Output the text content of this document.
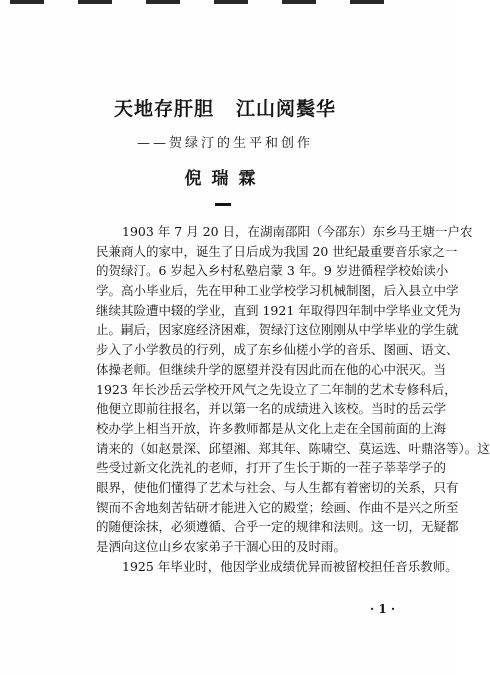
天地存肝胆 江山阅鬓华
——贺绿汀的生平和创作
倪瑞霖
1903 年 7 月 20 日，在湖南邵阳（今邵东）东乡马王塘一户农
民兼商人的家中，诞生了日后成为我国 20 世纪最重要音乐家之一
的贺绿汀。6 岁起入乡村私塾启蒙 3 年。9 岁进循程学校始读小
学。高小毕业后，先在甲种工业学校学习机械制图，后入县立中学
继续其险遭中辍的学业，直到 1921 年取得四年制中学毕业文凭为
止。嗣后，因家庭经济困难，贺绿汀这位刚刚从中学毕业的学生就
步入了小学教员的行列，成了东乡仙槎小学的音乐、图画、语文、
体操老师。但继续升学的愿望并没有因此而在他的心中泯灭。当
1923 年长沙岳云学校开风气之先设立了二年制的艺术专修科后，
他便立即前往报名，并以第一名的成绩进入该校。当时的岳云学
校办学上相当开放，许多教师都是从文化上走在全国前面的上海
请来的（如赵景深、邱望湘、郑其年、陈啸空、莫运选、叶鼎洛等）。这
些受过新文化洗礼的老师，打开了生长于斯的一茬子莘莘学子的
眼界，使他们懂得了艺术与社会、与人生都有着密切的关系，只有
锲而不舍地刻苦钻研才能进入它的殿堂；绘画、作曲不是兴之所至
的随便涂抹，必须遵循、合乎一定的规律和法则。这一切，无疑都
是洒向这位山乡农家弟子干涸心田的及时雨。
1925 年毕业时，他因学业成绩优异而被留校担任音乐教师。
· 1 ·
